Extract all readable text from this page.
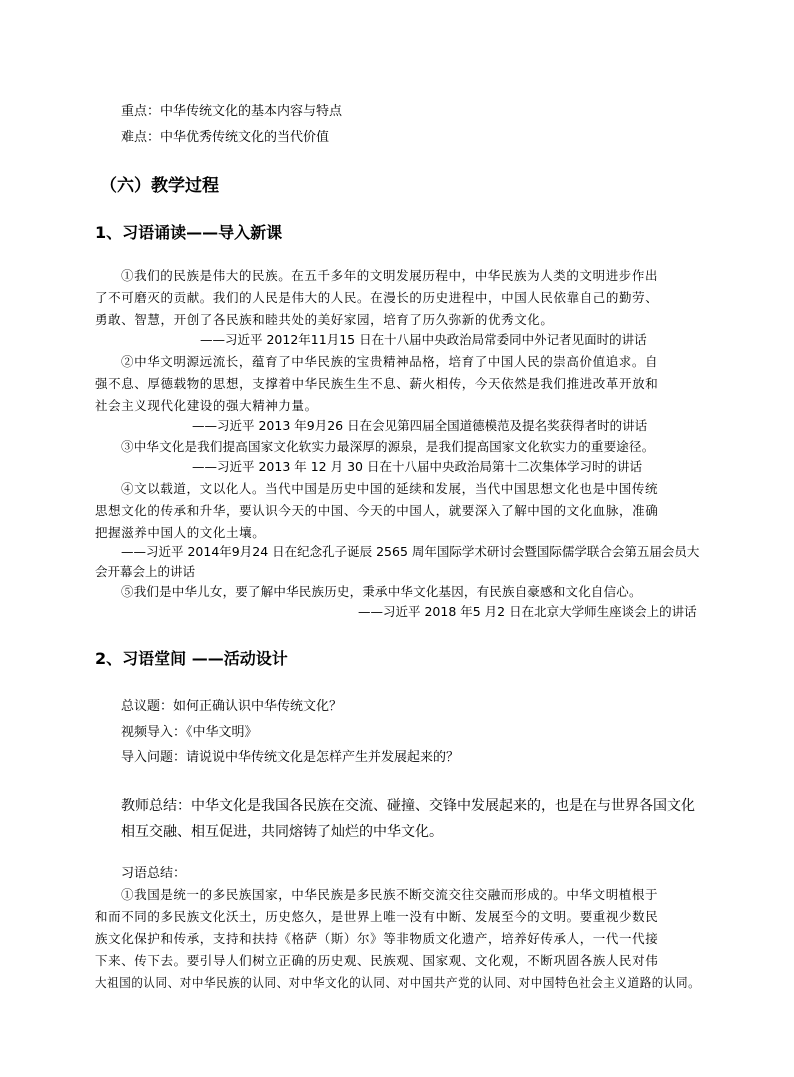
重点：中华传统文化的基本内容与特点
难点：中华优秀传统文化的当代价值
（六）教学过程
1、习语诵读——导入新课
①我们的民族是伟大的民族。在五千多年的文明发展历程中，中华民族为人类的文明进步作出
了不可磨灭的贡献。我们的人民是伟大的人民。在漫长的历史进程中，中国人民依靠自己的勤劳、
勇敢、智慧，开创了各民族和睦共处的美好家园，培育了历久弥新的优秀文化。
——习近平 2012年11月15 日在十八届中央政治局常委同中外记者见面时的讲话
②中华文明源远流长，蕴育了中华民族的宝贵精神品格，培育了中国人民的崇高价值追求。自
强不息、厚德载物的思想，支撑着中华民族生生不息、薪火相传，今天依然是我们推进改革开放和
社会主义现代化建设的强大精神力量。
——习近平 2013 年9月26 日在会见第四届全国道德模范及提名奖获得者时的讲话
③中华文化是我们提高国家文化软实力最深厚的源泉，是我们提高国家文化软实力的重要途径。
——习近平 2013 年 12 月 30 日在十八届中央政治局第十二次集体学习时的讲话
④文以载道，文以化人。当代中国是历史中国的延续和发展，当代中国思想文化也是中国传统
思想文化的传承和升华，要认识今天的中国、今天的中国人，就要深入了解中国的文化血脉，准确
把握滋养中国人的文化土壤。
——习近平 2014年9月24 日在纪念孔子诞辰 2565 周年国际学术研讨会暨国际儒学联合会第五届会员大
会开幕会上的讲话
⑤我们是中华儿女，要了解中华民族历史，秉承中华文化基因，有民族自豪感和文化自信心。
——习近平 2018 年5 月2 日在北京大学师生座谈会上的讲话
2、习语堂间 ——活动设计
总议题：如何正确认识中华传统文化？
视频导入：《中华文明》
导入问题：请说说中华传统文化是怎样产生并发展起来的？
教师总结：中华文化是我国各民族在交流、碰撞、交锋中发展起来的，也是在与世界各国文化
相互交融、相互促进，共同熔铸了灿烂的中华文化。
习语总结：
①我国是统一的多民族国家，中华民族是多民族不断交流交往交融而形成的。中华文明植根于
和而不同的多民族文化沃土，历史悠久，是世界上唯一没有中断、发展至今的文明。要重视少数民
族文化保护和传承，支持和扶持《格萨（斯）尔》等非物质文化遗产，培养好传承人，一代一代接
下来、传下去。要引导人们树立正确的历史观、民族观、国家观、文化观，不断巩固各族人民对伟
大祖国的认同、对中华民族的认同、对中华文化的认同、对中国共产党的认同、对中国特色社会主义道路的认同。
